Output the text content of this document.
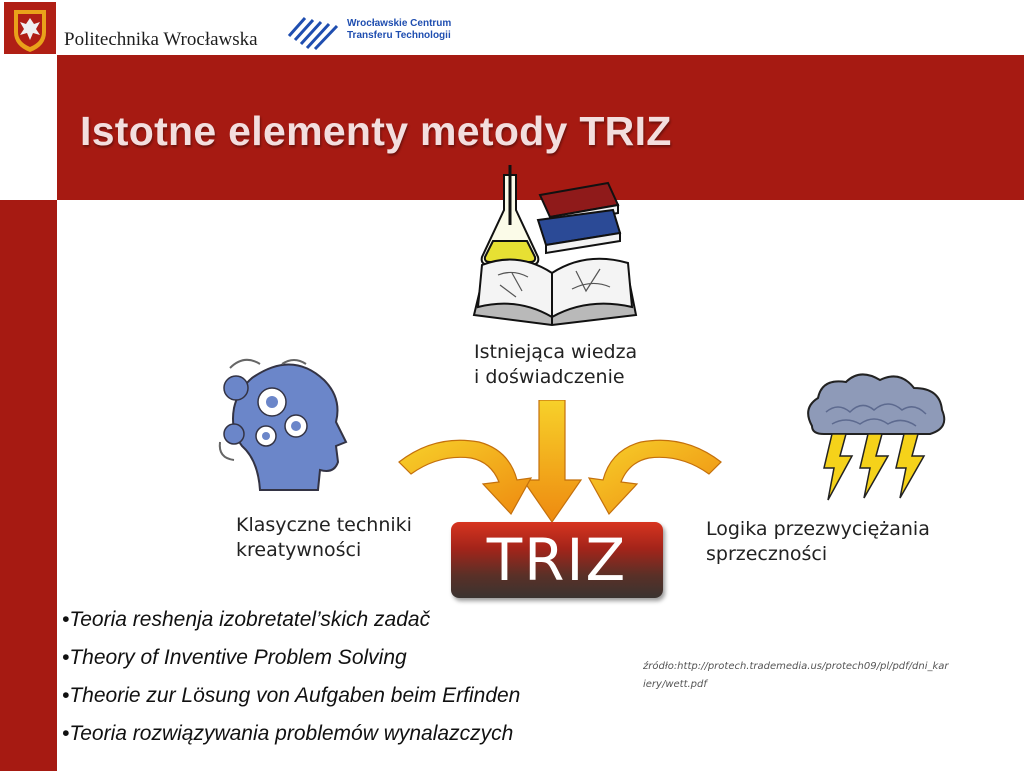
Istotne elementy metody TRIZ
Politechnika Wrocławska
Wrocławskie Centrum
Transferu Technologii
Istniejąca wiedza
i doświadczenie
Klasyczne techniki
kreatywności
Logika przezwyciężania
sprzeczności
TRIZ
•Teoria reshenja izobretatel’skich zadač
•Theory of Inventive Problem Solving
•Theorie zur Lösung von Aufgaben beim Erfinden
•Teoria rozwiązywania problemów wynalazczych
źródło:http://protech.trademedia.us/protech09/pl/pdf/dni_kar
iery/wett.pdf
